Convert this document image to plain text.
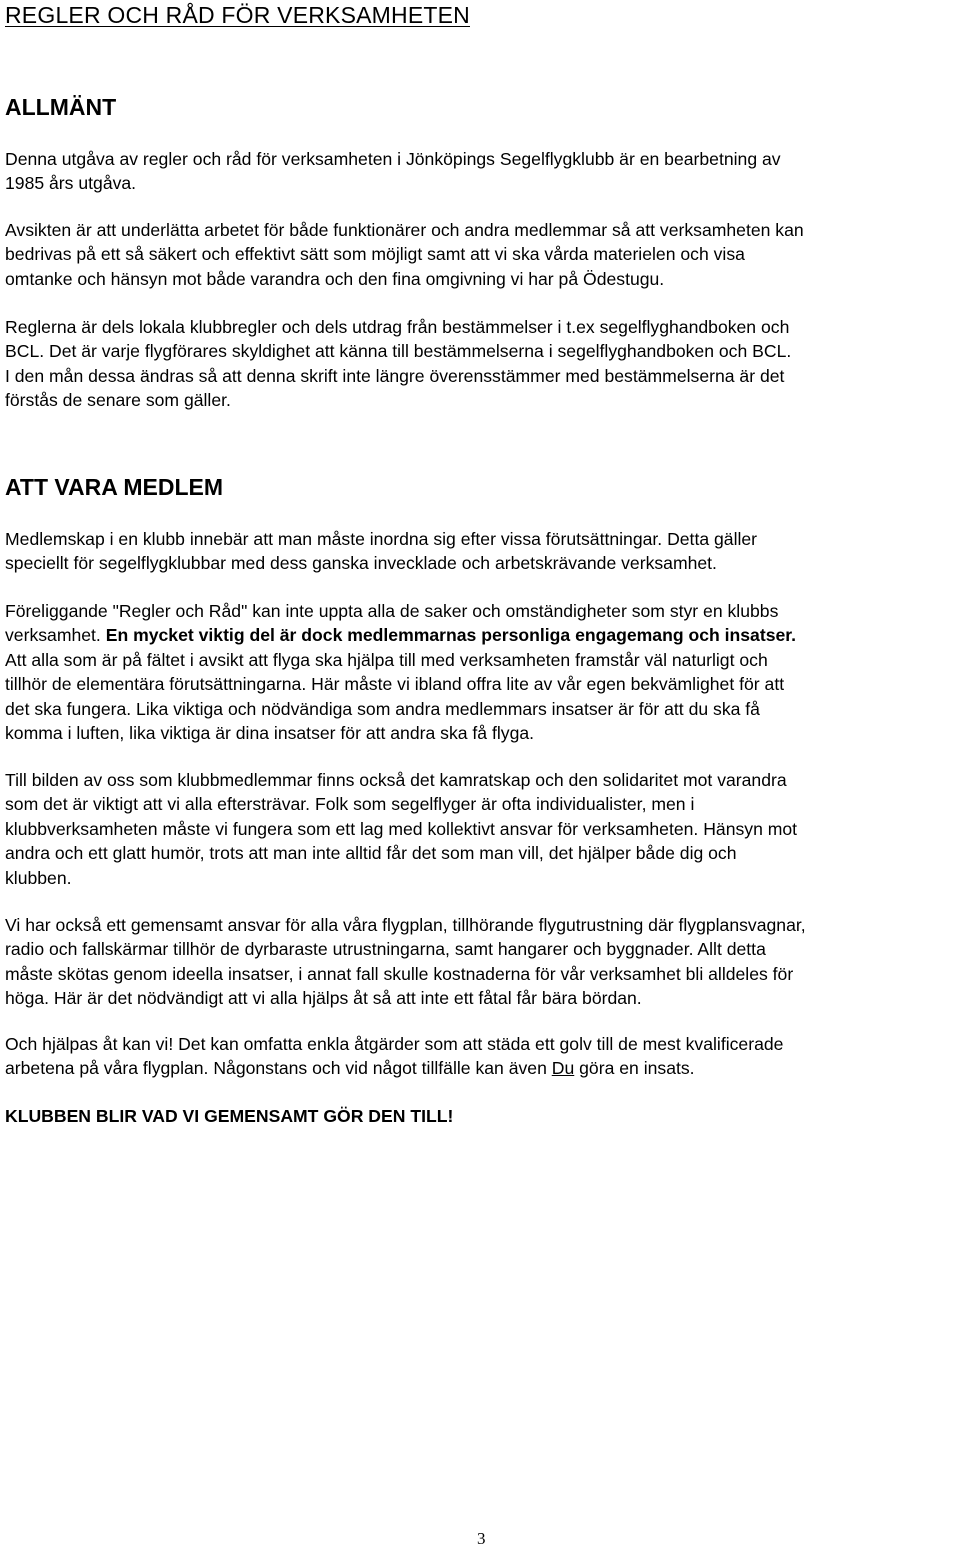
REGLER OCH RÅD FÖR VERKSAMHETEN
ALLMÄNT

Denna utgåva av regler och råd för verksamheten i Jönköpings Segelflygklubb är en bearbetning av
1985 års utgåva.

Avsikten är att underlätta arbetet för både funktionärer och andra medlemmar så att verksamheten kan
bedrivas på ett så säkert och effektivt sätt som möjligt samt att vi ska vårda materielen och visa
omtanke och hänsyn mot både varandra och den fina omgivning vi har på Ödestugu.

Reglerna är dels lokala klubbregler och dels utdrag från bestämmelser i t.ex segelflyghandboken och
BCL. Det är varje flygförares skyldighet att känna till bestämmelserna i segelflyghandboken och BCL.
I den mån dessa ändras så att denna skrift inte längre överensstämmer med bestämmelserna är det
förstås de senare som gäller.

ATT VARA MEDLEM

Medlemskap i en klubb innebär att man måste inordna sig efter vissa förutsättningar. Detta gäller
speciellt för segelflygklubbar med dess ganska invecklade och arbetskrävande verksamhet.

Föreliggande "Regler och Råd" kan inte uppta alla de saker och omständigheter som styr en klubbs
verksamhet. En mycket viktig del är dock medlemmarnas personliga engagemang och insatser.
Att alla som är på fältet i avsikt att flyga ska hjälpa till med verksamheten framstår väl naturligt och
tillhör de elementära förutsättningarna. Här måste vi ibland offra lite av vår egen bekvämlighet för att
det ska fungera. Lika viktiga och nödvändiga som andra medlemmars insatser är för att du ska få
komma i luften, lika viktiga är dina insatser för att andra ska få flyga.

Till bilden av oss som klubbmedlemmar finns också det kamratskap och den solidaritet mot varandra
som det är viktigt att vi alla eftersträvar. Folk som segelflyger är ofta individualister, men i
klubbverksamheten måste vi fungera som ett lag med kollektivt ansvar för verksamheten. Hänsyn mot
andra och ett glatt humör, trots att man inte alltid får det som man vill, det hjälper både dig och
klubben.

Vi har också ett gemensamt ansvar för alla våra flygplan, tillhörande flygutrustning där flygplansvagnar,
radio och fallskärmar tillhör de dyrbaraste utrustningarna, samt hangarer och byggnader. Allt detta
måste skötas genom ideella insatser, i annat fall skulle kostnaderna för vår verksamhet bli alldeles för
höga. Här är det nödvändigt att vi alla hjälps åt så att inte ett fåtal får bära bördan.

Och hjälpas åt kan vi! Det kan omfatta enkla åtgärder som att städa ett golv till de mest kvalificerade
arbetena på våra flygplan. Någonstans och vid något tillfälle kan även Du göra en insats.

KLUBBEN BLIR VAD VI GEMENSAMT GÖR DEN TILL!

3
